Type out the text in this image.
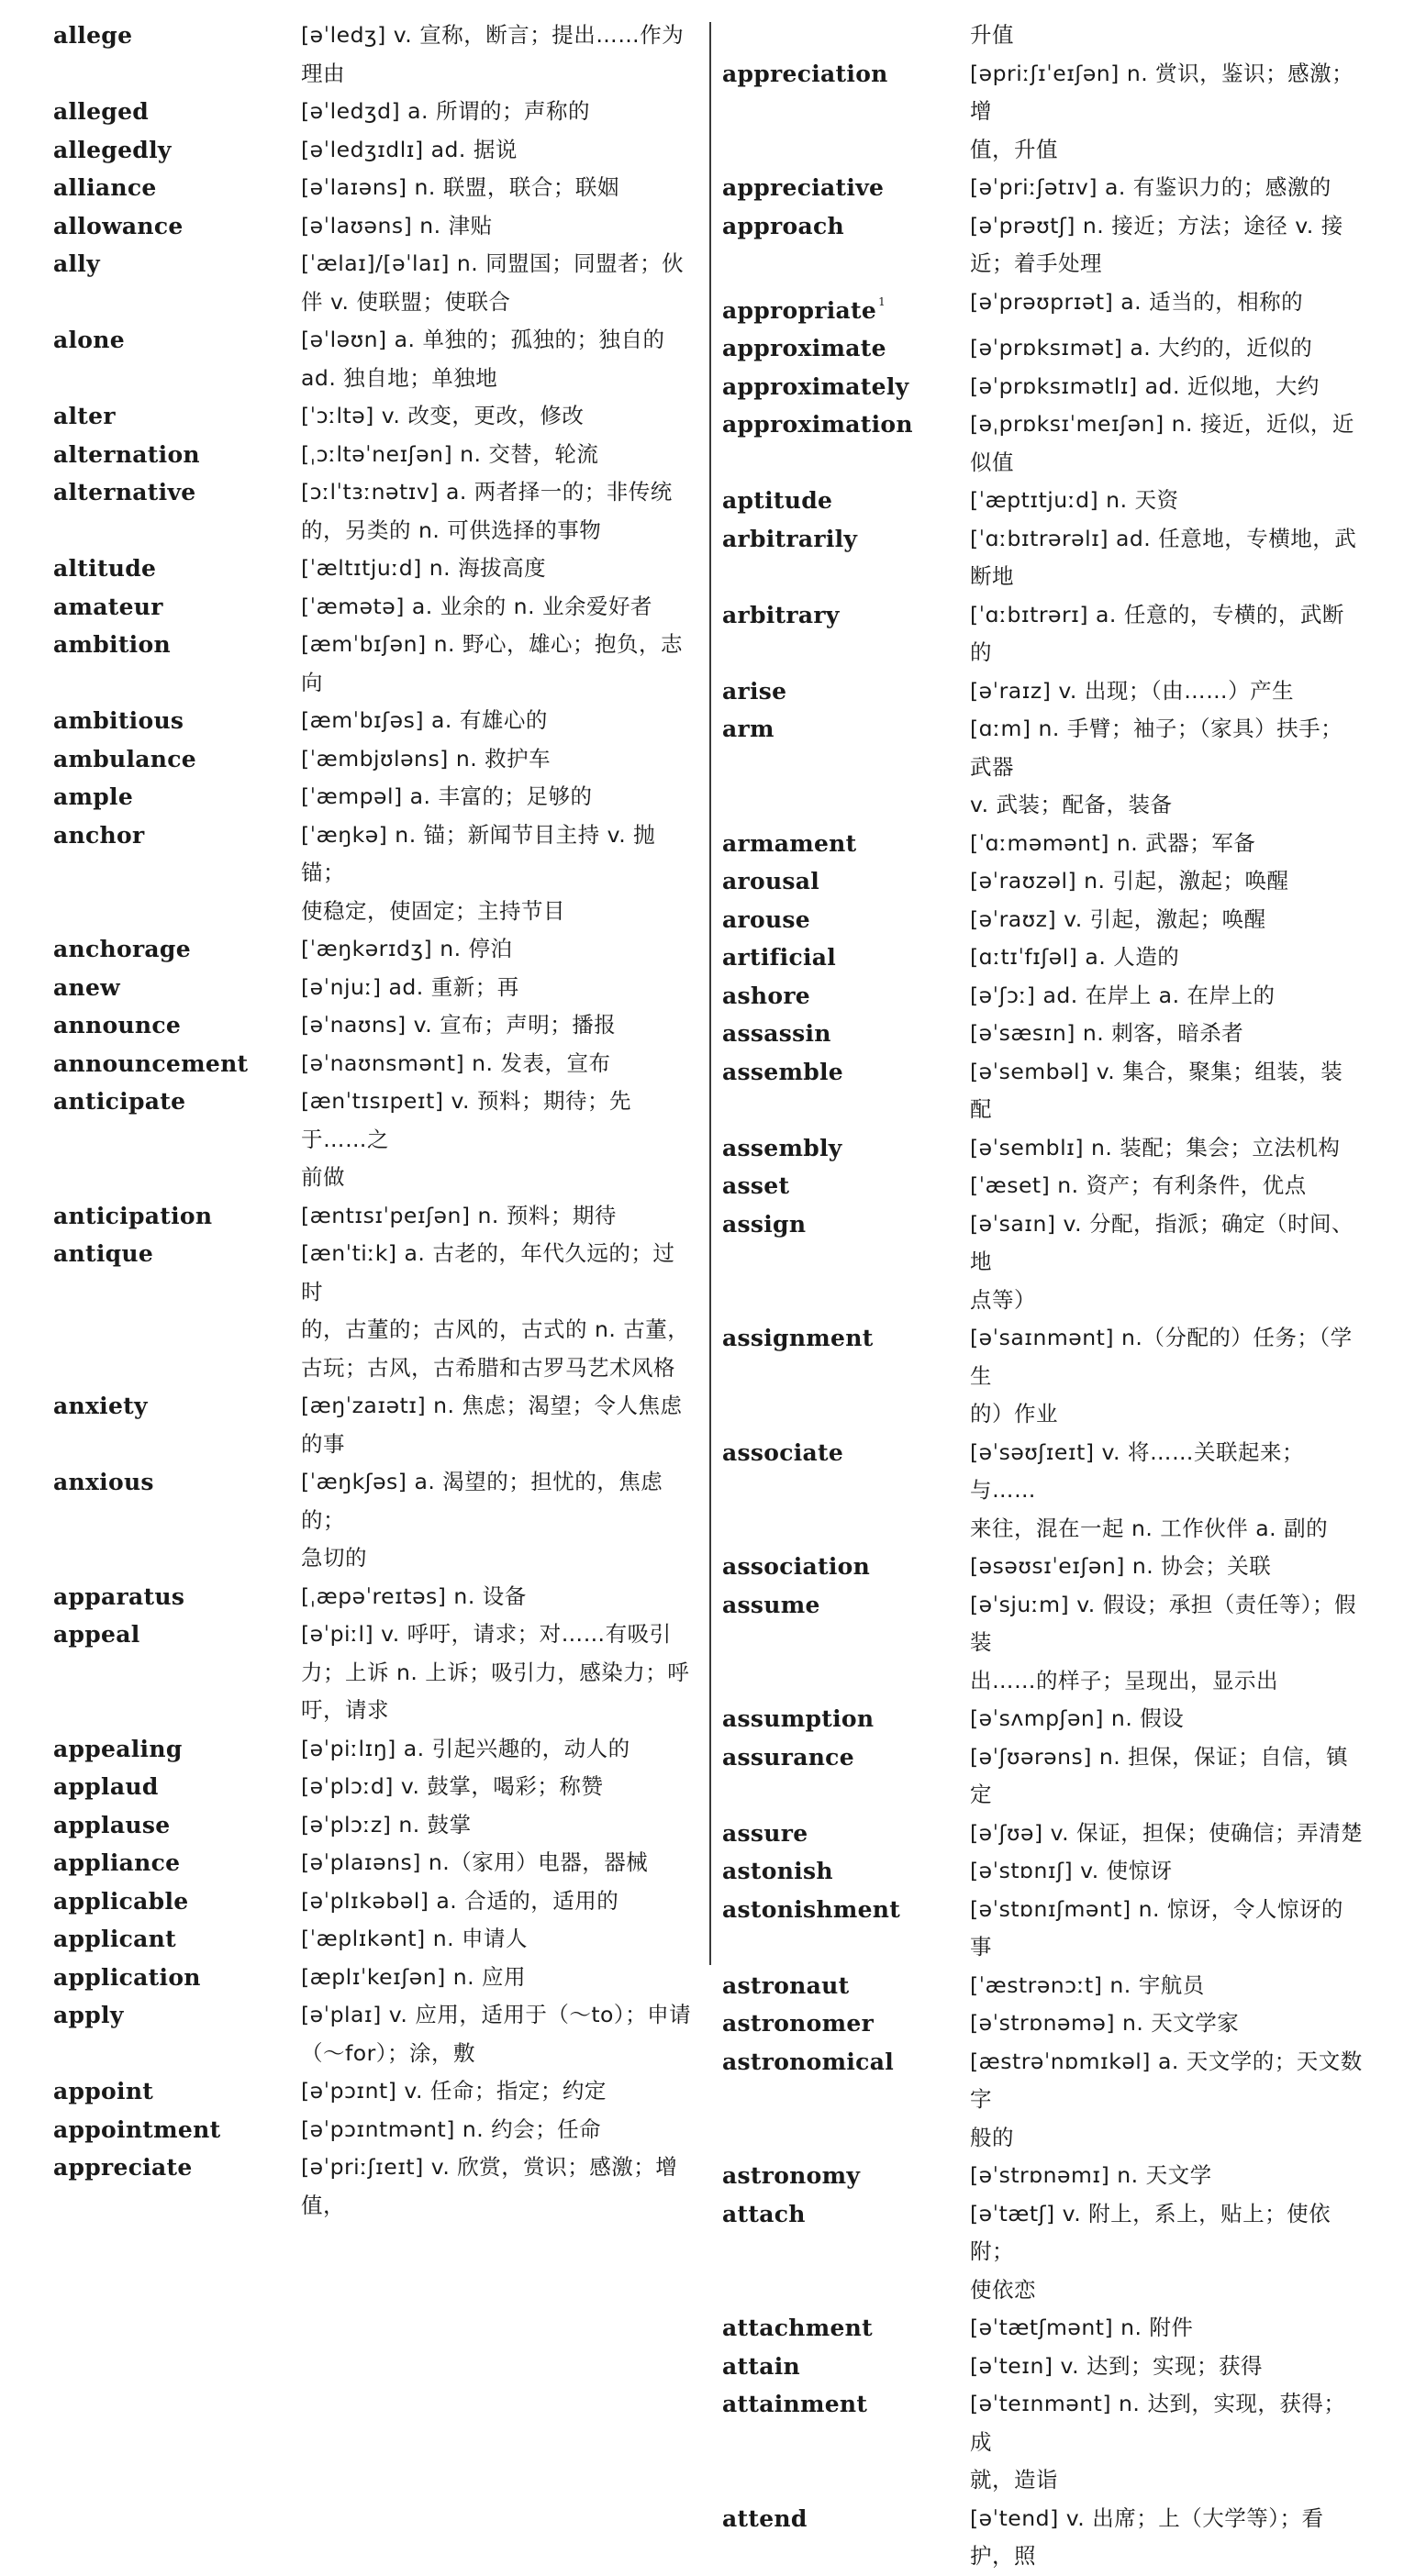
allege	[əˈledʒ] v. 宣称，断言；提出……作为
理由
alleged	[əˈledʒd] a. 所谓的；声称的
allegedly	[əˈledʒɪdlɪ] ad. 据说
alliance	[əˈlaɪəns] n. 联盟，联合；联姻
allowance	[əˈlaʊəns] n. 津贴
ally	[ˈælaɪ]/[əˈlaɪ] n. 同盟国；同盟者；伙
伴 v. 使联盟；使联合
alone	[əˈləʊn] a. 单独的；孤独的；独自的
ad. 独自地；单独地
alter	[ˈɔːltə] v. 改变，更改，修改
alternation	[ˌɔːltəˈneɪʃən] n. 交替，轮流
alternative	[ɔːlˈtɜːnətɪv] a. 两者择一的；非传统
的，另类的 n. 可供选择的事物
altitude	[ˈæltɪtjuːd] n. 海拔高度
amateur	[ˈæmətə] a. 业余的 n. 业余爱好者
ambition	[æmˈbɪʃən] n. 野心，雄心；抱负，志向
ambitious	[æmˈbɪʃəs] a. 有雄心的
ambulance	[ˈæmbjʊləns] n. 救护车
ample	[ˈæmpəl] a. 丰富的；足够的
anchor	[ˈæŋkə] n. 锚；新闻节目主持 v. 抛锚；
使稳定，使固定；主持节目
anchorage	[ˈæŋkərɪdʒ] n. 停泊
anew	[əˈnjuː] ad. 重新；再
announce	[əˈnaʊns] v. 宣布；声明；播报
announcement	[əˈnaʊnsmənt] n. 发表，宣布
anticipate	[ænˈtɪsɪpeɪt] v. 预料；期待；先于……之
前做
anticipation	[æntɪsɪˈpeɪʃən] n. 预料；期待
antique	[ænˈtiːk] a. 古老的，年代久远的；过时
的，古董的；古风的，古式的 n. 古董，
古玩；古风，古希腊和古罗马艺术风格
anxiety	[æŋˈzaɪətɪ] n. 焦虑；渴望；令人焦虑的事
anxious	[ˈæŋkʃəs] a. 渴望的；担忧的，焦虑的；
急切的
apparatus	[ˌæpəˈreɪtəs] n. 设备
appeal	[əˈpiːl] v. 呼吁，请求；对……有吸引
力；上诉 n. 上诉；吸引力，感染力；呼
吁，请求
appealing	[əˈpiːlɪŋ] a. 引起兴趣的，动人的
applaud	[əˈplɔːd] v. 鼓掌，喝彩；称赞
applause	[əˈplɔːz] n. 鼓掌
appliance	[əˈplaɪəns] n.（家用）电器，器械
applicable	[əˈplɪkəbəl] a. 合适的，适用的
applicant	[ˈæplɪkənt] n. 申请人
application	[æplɪˈkeɪʃən] n. 应用
apply	[əˈplaɪ] v. 应用，适用于（～to）；申请
（～for）；涂，敷
appoint	[əˈpɔɪnt] v. 任命；指定；约定
appointment	[əˈpɔɪntmənt] n. 约会；任命
appreciate	[əˈpriːʃɪeɪt] v. 欣赏，赏识；感激；增值，
升值
appreciation	[əpriːʃɪˈeɪʃən] n. 赏识，鉴识；感激；增
值，升值
appreciative	[əˈpriːʃətɪv] a. 有鉴识力的；感激的
approach	[əˈprəʊtʃ] n. 接近；方法；途径 v. 接
近；着手处理
appropriate $^1$	[əˈprəʊprɪət] a. 适当的，相称的
approximate	[əˈprɒksɪmət] a. 大约的，近似的
approximately	[əˈprɒksɪmətlɪ] ad. 近似地，大约
approximation	[əˌprɒksɪˈmeɪʃən] n. 接近，近似，近似值
aptitude	[ˈæptɪtjuːd] n. 天资
arbitrarily	[ˈɑːbɪtrərəlɪ] ad. 任意地，专横地，武断地
arbitrary	[ˈɑːbɪtrərɪ] a. 任意的，专横的，武断的
arise	[əˈraɪz] v. 出现；（由……）产生
arm	[ɑːm] n. 手臂；袖子；（家具）扶手；武器
v. 武装；配备，装备
armament	[ˈɑːməmənt] n. 武器；军备
arousal	[əˈraʊzəl] n. 引起，激起；唤醒
arouse	[əˈraʊz] v. 引起，激起；唤醒
artificial	[ɑːtɪˈfɪʃəl] a. 人造的
ashore	[əˈʃɔː] ad. 在岸上 a. 在岸上的
assassin	[əˈsæsɪn] n. 刺客，暗杀者
assemble	[əˈsembəl] v. 集合，聚集；组装，装配
assembly	[əˈsemblɪ] n. 装配；集会；立法机构
asset	[ˈæset] n. 资产；有利条件，优点
assign	[əˈsaɪn] v. 分配，指派；确定（时间、地
点等）
assignment	[əˈsaɪnmənt] n.（分配的）任务；（学生
的）作业
associate	[əˈsəʊʃɪeɪt] v. 将……关联起来；与……
来往，混在一起 n. 工作伙伴 a. 副的
association	[əsəʊsɪˈeɪʃən] n. 协会；关联
assume	[əˈsjuːm] v. 假设；承担（责任等）；假装
出……的样子；呈现出，显示出
assumption	[əˈsʌmpʃən] n. 假设
assurance	[əˈʃʊərəns] n. 担保，保证；自信，镇定
assure	[əˈʃʊə] v. 保证，担保；使确信；弄清楚
astonish	[əˈstɒnɪʃ] v. 使惊讶
astonishment	[əˈstɒnɪʃmənt] n. 惊讶，令人惊讶的事
astronaut	[ˈæstrənɔːt] n. 宇航员
astronomer	[əˈstrɒnəmə] n. 天文学家
astronomical	[æstrəˈnɒmɪkəl] a. 天文学的；天文数字
般的
astronomy	[əˈstrɒnəmɪ] n. 天文学
attach	[əˈtætʃ] v. 附上，系上，贴上；使依附；
使依恋
attachment	[əˈtætʃmənt] n. 附件
attain	[əˈteɪn] v. 达到；实现；获得
attainment	[əˈteɪnmənt] n. 达到，实现，获得；成
就，造诣
attend	[əˈtend] v. 出席；上（大学等）；看护，照
